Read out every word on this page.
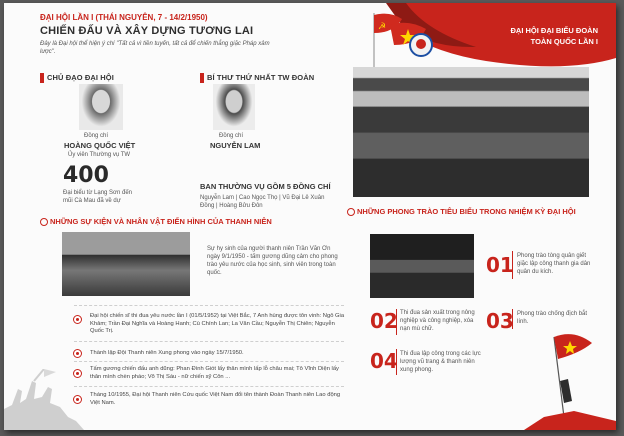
ĐẠI HỘI LẦN I (THÁI NGUYÊN, 7 - 14/2/1950)
CHIẾN ĐẤU VÀ XÂY DỰNG TƯƠNG LAI
Đây là Đại hội thể hiện ý chí "Tất cả vì tiền tuyến, tất cả để chiến thắng giặc Pháp xâm lược".
CHỦ ĐẠO ĐẠI HỘI
Đồng chí
HOÀNG QUỐC VIỆT
Ủy viên Thường vụ TW
BÍ THƯ THỨ NHẤT TW ĐOÀN
Đồng chí
NGUYỄN LAM
400
Đại biểu từ Lạng Sơn đến mũi Cà Mau đã về dự
BAN THƯỜNG VỤ GỒM 5 ĐỒNG CHÍ
Nguyễn Lam | Cao Ngọc Thọ | Vũ Đại Lê Xuân Đồng | Hoàng Bửu Đôn
NHỮNG SỰ KIỆN VÀ NHÂN VẬT ĐIỂN HÌNH CỦA THANH NIÊN
Sự hy sinh của người thanh niên Trần Văn Ơn ngày 9/1/1950 - tấm gương dũng cảm cho phong trào yêu nước của học sinh, sinh viên trong toàn quốc.
Đại hội chiến sĩ thi đua yêu nước lần I (01/5/1952) tại Việt Bắc, 7 Anh hùng được tôn vinh: Ngô Gia Khảm; Trần Đại Nghĩa và Hoàng Hanh; Cù Chính Lan; La Văn Cầu; Nguyễn Thị Chiên; Nguyễn Quốc Trị.
Thành lập Đội Thanh niên Xung phong vào ngày 15/7/1950.
Tấm gương chiến đấu anh dũng: Phan Đình Giót lấy thân mình lấp lỗ châu mai; Tô Vĩnh Diện lấy thân mình chèn pháo; Võ Thị Sáu - nữ chiến sỹ Côn ...
Tháng 10/1955, Đại hội Thanh niên Cứu quốc Việt Nam đổi tên thành Đoàn Thanh niên Lao động Việt Nam.
☭	ĐẠI HỘI ĐẠI BIỂU ĐOÀN
TOÀN QUỐC LẦN I
NHỮNG PHONG TRÀO TIÊU BIỂU TRONG NHIỆM KỲ ĐẠI HỘI
01 Phong trào tòng quân giết giặc lập công thanh gia dân quân du kích.
02 Thi đua sản xuất trong nông nghiệp và công nghiệp, xóa nạn mù chữ.	03 Phong trào chống địch bắt lính.
04 Thi đua lập công trong các lực lượng vũ trang & thanh niên xung phong.
